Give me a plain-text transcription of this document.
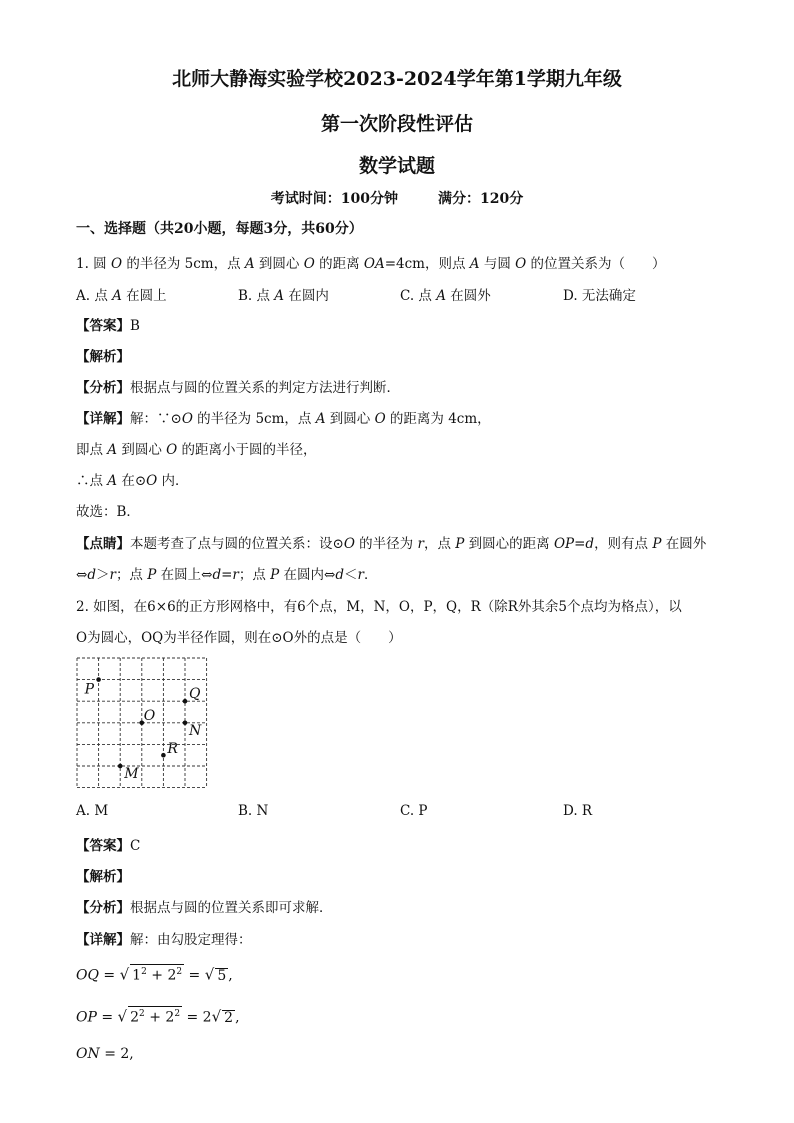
北师大静海实验学校2023-2024学年第1学期九年级
第一次阶段性评估
数学试题
考试时间：100分钟	满分：120分
一、选择题（共20小题，每题3分，共60分）
1. 圆 O 的半径为 5cm，点 A 到圆心 O 的距离 OA=4cm，则点 A 与圆 O 的位置关系为（　　）
A. 点 A 在圆上	B. 点 A 在圆内	C. 点 A 在圆外	D. 无法确定
【答案】B
【解析】
【分析】根据点与圆的位置关系的判定方法进行判断．
【详解】解：∵⊙O 的半径为 5cm，点 A 到圆心 O 的距离为 4cm，
即点 A 到圆心 O 的距离小于圆的半径，
∴点 A 在⊙O 内．
故选：B．
【点睛】本题考查了点与圆的位置关系：设⊙O 的半径为 r，点 P 到圆心的距离 OP=d，则有点 P 在圆外
⇔d＞r；点 P 在圆上⇔d=r；点 P 在圆内⇔d＜r．
2. 如图，在6×6的正方形网格中，有6个点，M，N，O，P，Q，R（除R外其余5个点均为格点），以
O为圆心，OQ为半径作圆，则在⊙O外的点是（　　）
P	Q
O
N
M
R
A. M	B. N	C. P	D. R
【答案】C
【解析】
【分析】根据点与圆的位置关系即可求解．
【详解】解：由勾股定理得：
OQ = √ $1^2 + 2^2$ = √ 5 ,
OP = √ $2^2 + 2^2 = 2√$ 2 ,
ON = 2,
